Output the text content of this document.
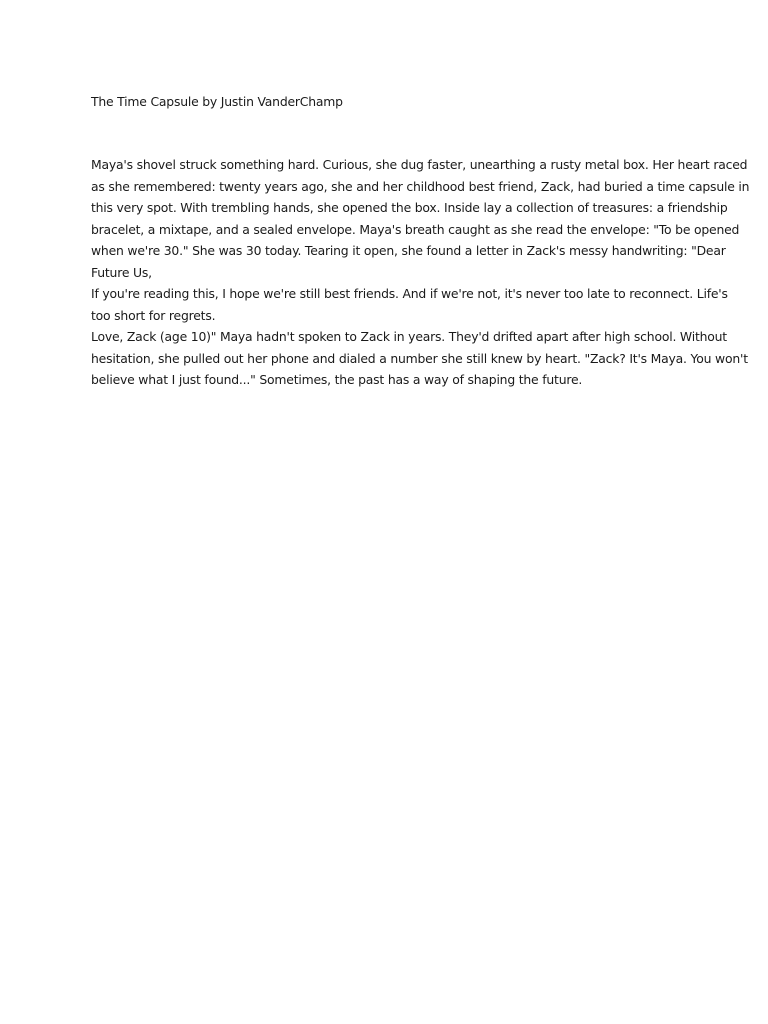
The Time Capsule by Justin VanderChamp
Maya's shovel struck something hard. Curious, she dug faster, unearthing a rusty metal box. Her heart raced
as she remembered: twenty years ago, she and her childhood best friend, Zack, had buried a time capsule in
this very spot. With trembling hands, she opened the box. Inside lay a collection of treasures: a friendship
bracelet, a mixtape, and a sealed envelope. Maya's breath caught as she read the envelope: "To be opened
when we're 30." She was 30 today. Tearing it open, she found a letter in Zack's messy handwriting: "Dear
Future Us,
If you're reading this, I hope we're still best friends. And if we're not, it's never too late to reconnect. Life's
too short for regrets.
Love, Zack (age 10)" Maya hadn't spoken to Zack in years. They'd drifted apart after high school. Without
hesitation, she pulled out her phone and dialed a number she still knew by heart. "Zack? It's Maya. You won't
believe what I just found..." Sometimes, the past has a way of shaping the future.
